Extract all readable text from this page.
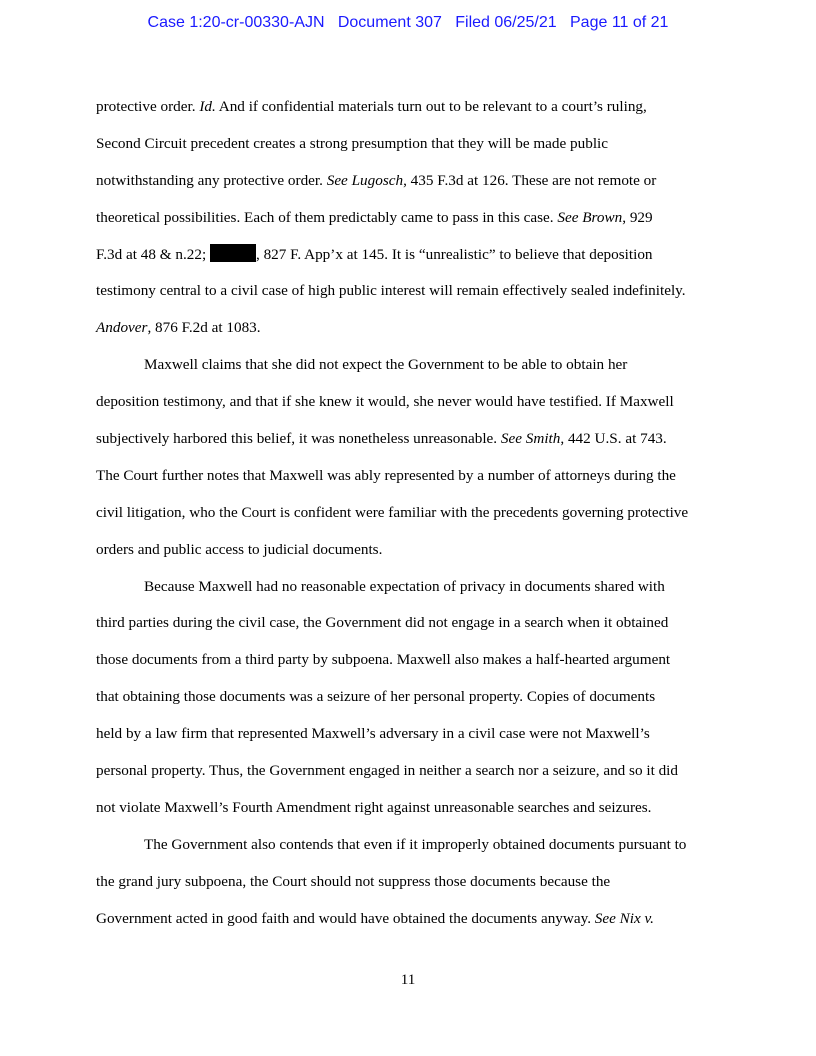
Case 1:20-cr-00330-AJN Document 307 Filed 06/25/21 Page 11 of 21
protective order. Id. And if confidential materials turn out to be relevant to a court’s ruling,
Second Circuit precedent creates a strong presumption that they will be made public
notwithstanding any protective order. See Lugosch, 435 F.3d at 126. These are not remote or
theoretical possibilities. Each of them predictably came to pass in this case. See Brown, 929
F.3d at 48 & n.22;	, 827 F. App’x at 145. It is “unrealistic” to believe that deposition
testimony central to a civil case of high public interest will remain effectively sealed indefinitely.
Andover, 876 F.2d at 1083.
Maxwell claims that she did not expect the Government to be able to obtain her
deposition testimony, and that if she knew it would, she never would have testified. If Maxwell
subjectively harbored this belief, it was nonetheless unreasonable. See Smith, 442 U.S. at 743.
The Court further notes that Maxwell was ably represented by a number of attorneys during the
civil litigation, who the Court is confident were familiar with the precedents governing protective
orders and public access to judicial documents.
Because Maxwell had no reasonable expectation of privacy in documents shared with
third parties during the civil case, the Government did not engage in a search when it obtained
those documents from a third party by subpoena. Maxwell also makes a half-hearted argument
that obtaining those documents was a seizure of her personal property. Copies of documents
held by a law firm that represented Maxwell’s adversary in a civil case were not Maxwell’s
personal property. Thus, the Government engaged in neither a search nor a seizure, and so it did
not violate Maxwell’s Fourth Amendment right against unreasonable searches and seizures.
The Government also contends that even if it improperly obtained documents pursuant to
the grand jury subpoena, the Court should not suppress those documents because the
Government acted in good faith and would have obtained the documents anyway. See Nix v.
11
